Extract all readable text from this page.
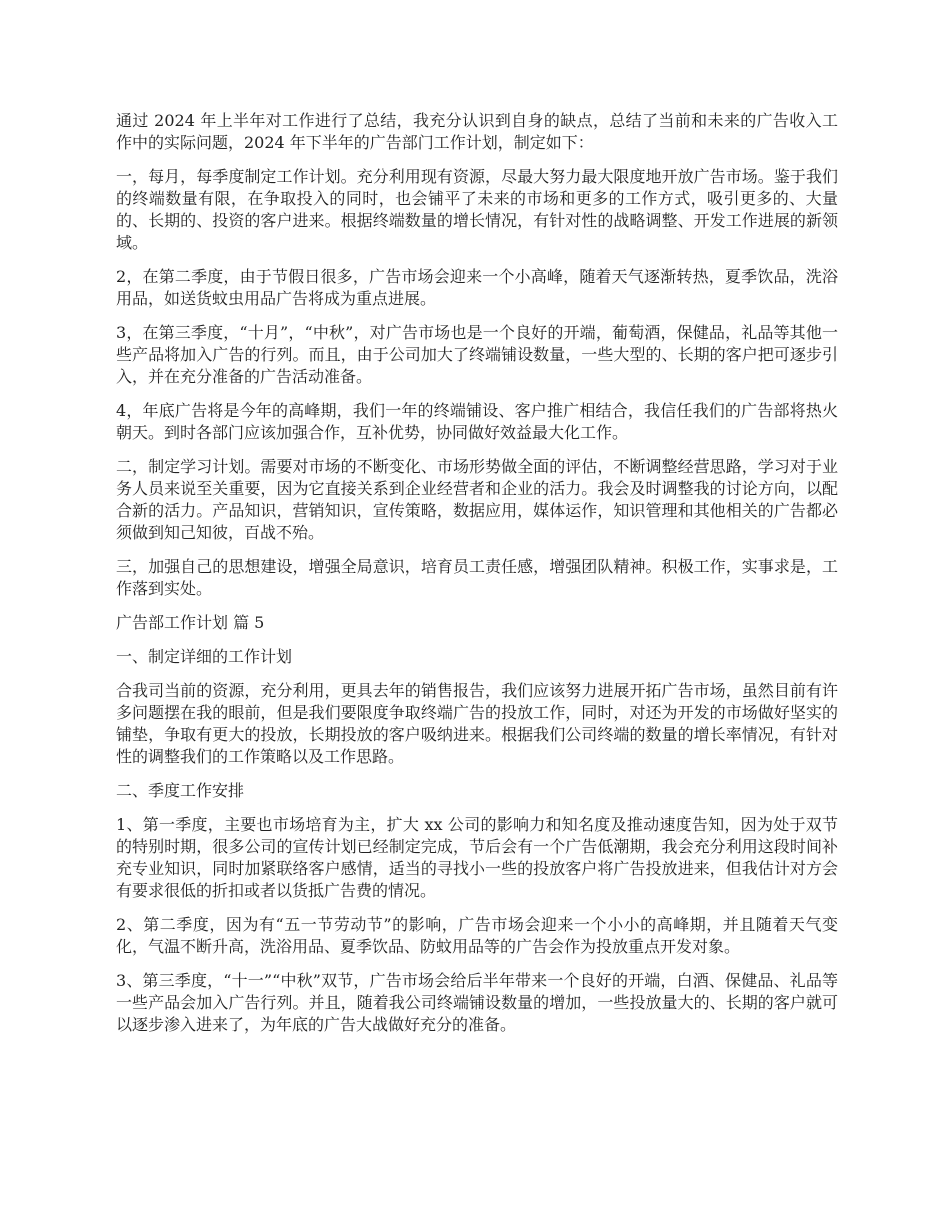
通过 2024 年上半年对工作进行了总结，我充分认识到自身的缺点，总结了当前和未来的广告收入工作中的实际问题，2024 年下半年的广告部门工作计划，制定如下：

一，每月，每季度制定工作计划。充分利用现有资源，尽最大努力最大限度地开放广告市场。鉴于我们的终端数量有限，在争取投入的同时，也会铺平了未来的市场和更多的工作方式，吸引更多的、大量的、长期的、投资的客户进来。根据终端数量的增长情况，有针对性的战略调整、开发工作进展的新领域。

2，在第二季度，由于节假日很多，广告市场会迎来一个小高峰，随着天气逐渐转热，夏季饮品，洗浴用品，如送货蚊虫用品广告将成为重点进展。

3，在第三季度，“十月”，“中秋”，对广告市场也是一个良好的开端，葡萄酒，保健品，礼品等其他一些产品将加入广告的行列。而且，由于公司加大了终端铺设数量，一些大型的、长期的客户把可逐步引入，并在充分准备的广告活动准备。

4，年底广告将是今年的高峰期，我们一年的终端铺设、客户推广相结合，我信任我们的广告部将热火朝天。到时各部门应该加强合作，互补优势，协同做好效益最大化工作。

二，制定学习计划。需要对市场的不断变化、市场形势做全面的评估，不断调整经营思路，学习对于业务人员来说至关重要，因为它直接关系到企业经营者和企业的活力。我会及时调整我的讨论方向，以配合新的活力。产品知识，营销知识，宣传策略，数据应用，媒体运作，知识管理和其他相关的广告都必须做到知己知彼，百战不殆。

三，加强自己的思想建设，增强全局意识，培育员工责任感，增强团队精神。积极工作，实事求是，工作落到实处。

广告部工作计划 篇 5

一、制定详细的工作计划

合我司当前的资源，充分利用，更具去年的销售报告，我们应该努力进展开拓广告市场，虽然目前有许多问题摆在我的眼前，但是我们要限度争取终端广告的投放工作，同时，对还为开发的市场做好坚实的铺垫，争取有更大的投放，长期投放的客户吸纳进来。根据我们公司终端的数量的增长率情况，有针对性的调整我们的工作策略以及工作思路。

二、季度工作安排

1、第一季度，主要也市场培育为主，扩大 xx 公司的影响力和知名度及推动速度告知，因为处于双节的特别时期，很多公司的宣传计划已经制定完成，节后会有一个广告低潮期，我会充分利用这段时间补充专业知识，同时加紧联络客户感情，适当的寻找小一些的投放客户将广告投放进来，但我估计对方会有要求很低的折扣或者以货抵广告费的情况。

2、第二季度，因为有“五一节劳动节”的影响，广告市场会迎来一个小小的高峰期，并且随着天气变化，气温不断升高，洗浴用品、夏季饮品、防蚊用品等的广告会作为投放重点开发对象。

3、第三季度，“十一”“中秋”双节，广告市场会给后半年带来一个良好的开端，白酒、保健品、礼品等一些产品会加入广告行列。并且，随着我公司终端铺设数量的增加，一些投放量大的、长期的客户就可以逐步渗入进来了，为年底的广告大战做好充分的准备。
